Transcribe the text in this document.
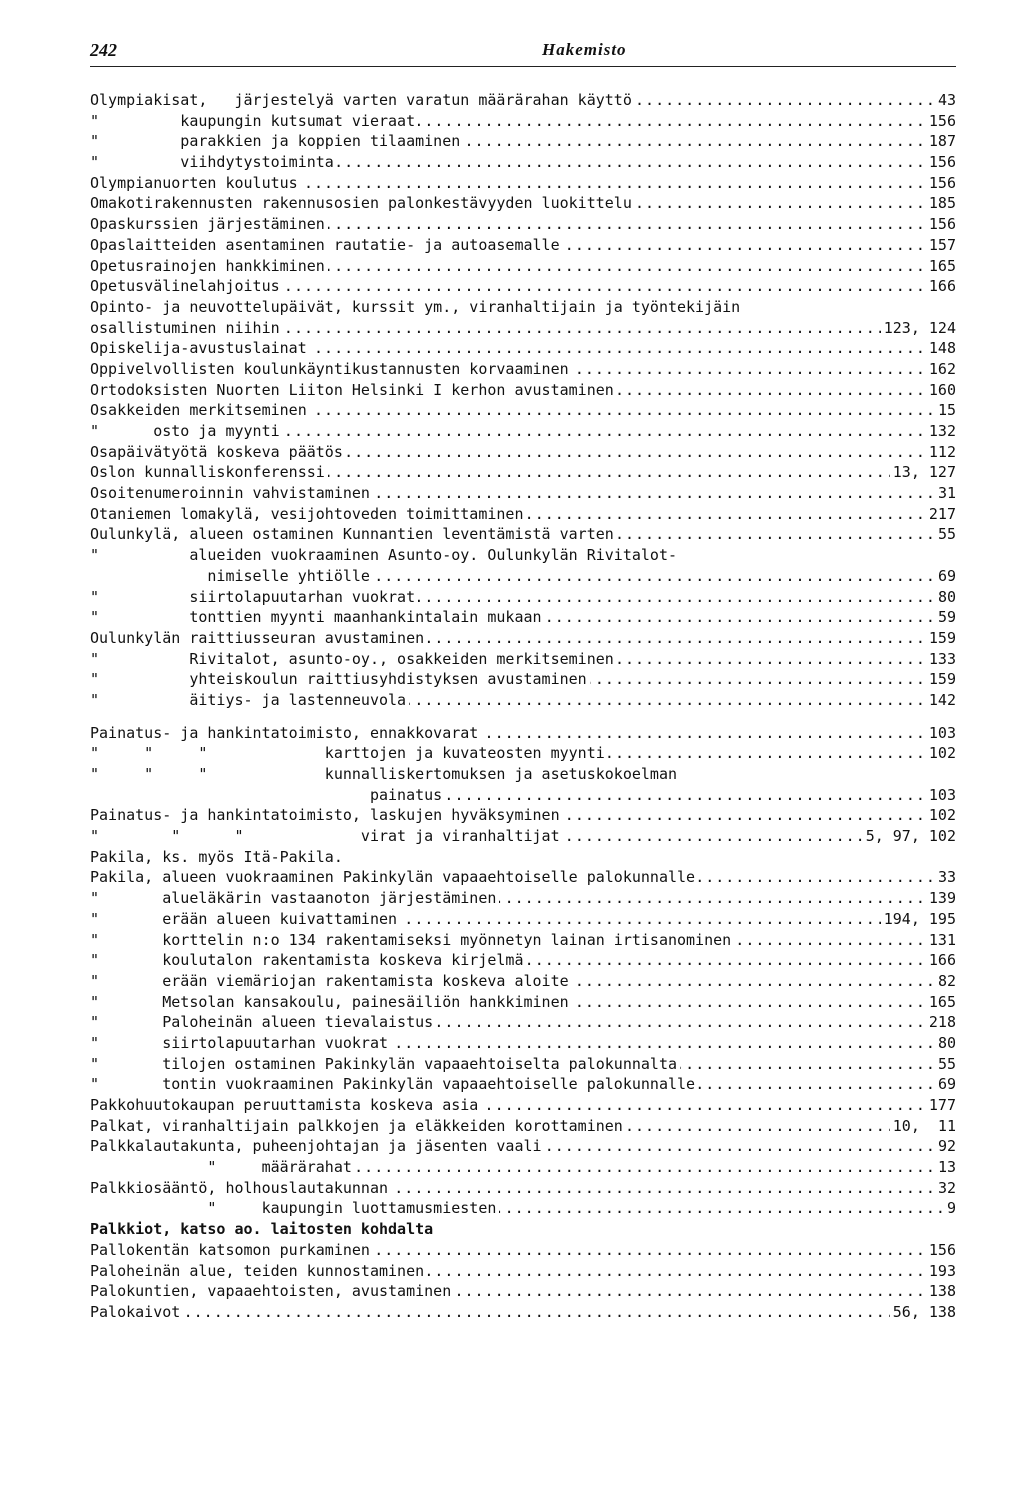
242	Hakemisto
.....
Olympiakisat,   järjestelyä varten varatun määrärahan käyttö	43
.....
"         kaupungin kutsumat vieraat	156
.....
"         parakkien ja koppien tilaaminen	187
.....
"         viihdytystoiminta	156
.....
Olympianuorten koulutus	156
.....
Omakotirakennusten rakennusosien palonkestävyyden luokittelu	185
.....
Opaskurssien järjestäminen	156
.....
Opaslaitteiden asentaminen rautatie- ja autoasemalle	157
.....
Opetusrainojen hankkiminen	165
.....
Opetusvälinelahjoitus	166
Opinto- ja neuvottelupäivät, kurssit ym., viranhaltijain ja työntekijäin
.....
osallistuminen niihin	123, 124
.....
Opiskelija-avustuslainat	148
.....
Oppivelvollisten koulunkäyntikustannusten korvaaminen	162
.....
Ortodoksisten Nuorten Liiton Helsinki I kerhon avustaminen	160
.....
Osakkeiden merkitseminen	15
.....
"      osto ja myynti	132
.....
Osapäivätyötä koskeva päätös	112
.....
Oslon kunnalliskonferenssi	13, 127
.....
Osoitenumeroinnin vahvistaminen	31
.....
Otaniemen lomakylä, vesijohtoveden toimittaminen	217
.....
Oulunkylä, alueen ostaminen Kunnantien leventämistä varten	55
"          alueiden vuokraaminen Asunto-oy. Oulunkylän Rivitalot-
.....
nimiselle yhtiölle	69
.....
"          siirtolapuutarhan vuokrat	80
.....
"          tonttien myynti maanhankintalain mukaan	59
.....
Oulunkylän raittiusseuran avustaminen	159
.....
"          Rivitalot, asunto-oy., osakkeiden merkitseminen	133
.....
"          yhteiskoulun raittiusyhdistyksen avustaminen	159
.....
"          äitiys- ja lastenneuvola	142
.....
Painatus- ja hankintatoimisto, ennakkovarat	103
.....
"     "     "             karttojen ja kuvateosten myynti	102
"     "     "             kunnalliskertomuksen ja asetuskokoelman
.....
painatus	103
.....
Painatus- ja hankintatoimisto, laskujen hyväksyminen	102
.....
"        "      "             virat ja viranhaltijat	5, 97, 102
Pakila, ks. myös Itä-Pakila.
.....
Pakila, alueen vuokraaminen Pakinkylän vapaaehtoiselle palokunnalle	33
.....
"       alueläkärin vastaanoton järjestäminen	139
.....
"       erään alueen kuivattaminen	194, 195
.....
"       korttelin n:o 134 rakentamiseksi myönnetyn lainan irtisanominen	131
.....
"       koulutalon rakentamista koskeva kirjelmä	166
.....
"       erään viemäriojan rakentamista koskeva aloite	82
.....
"       Metsolan kansakoulu, painesäiliön hankkiminen	165
.....
"       Paloheinän alueen tievalaistus	218
.....
"       siirtolapuutarhan vuokrat	80
.....
"       tilojen ostaminen Pakinkylän vapaaehtoiselta palokunnalta	55
.....
"       tontin vuokraaminen Pakinkylän vapaaehtoiselle palokunnalle	69
.....
Pakkohuutokaupan peruuttamista koskeva asia	177
.....
Palkat, viranhaltijain palkkojen ja eläkkeiden korottaminen	10,  11
.....
Palkkalautakunta, puheenjohtajan ja jäsenten vaali	92
.....
"     määrärahat	13
.....
Palkkiosääntö, holhouslautakunnan	32
.....
"     kaupungin luottamusmiesten	9
Palkkiot, katso ao. laitosten kohdalta
.....
Pallokentän katsomon purkaminen	156
.....
Paloheinän alue, teiden kunnostaminen	193
.....
Palokuntien, vapaaehtoisten, avustaminen	138
.....
Palokaivot	56, 138
